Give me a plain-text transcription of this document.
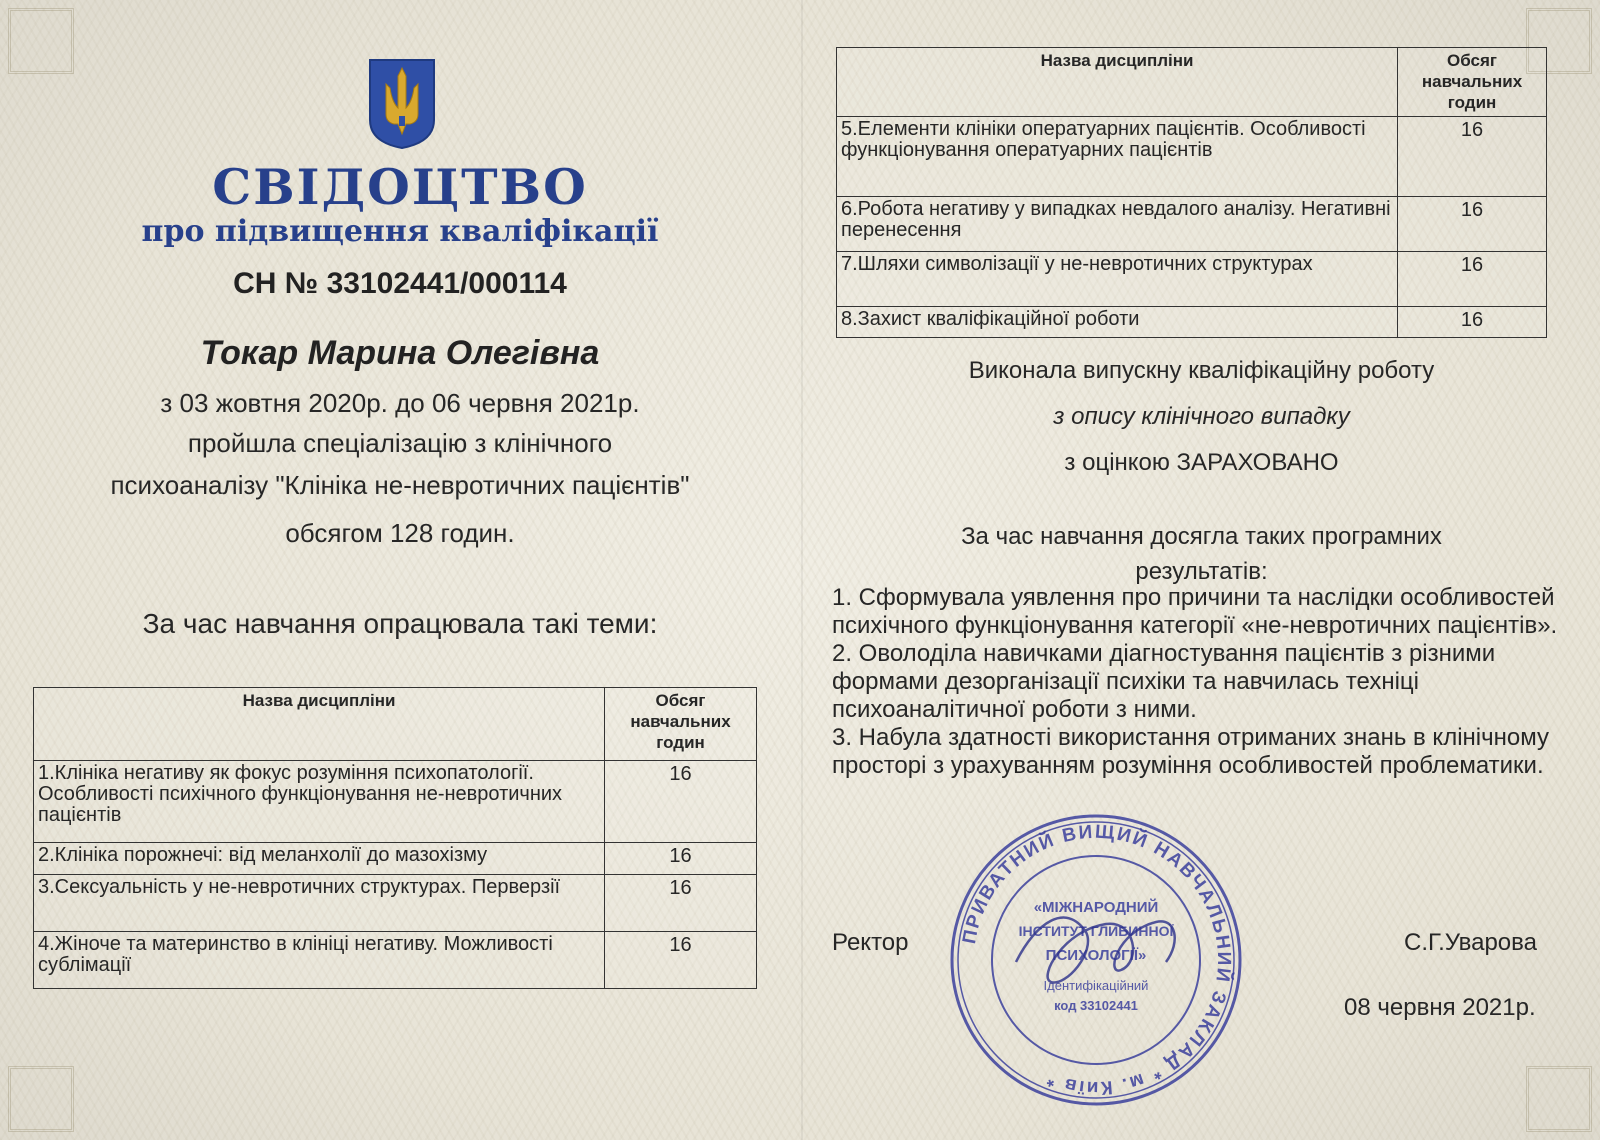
СВІДОЦТВО
про підвищення кваліфікації
СН № 33102441/000114
Токар Марина Олегівна
з 03 жовтня 2020р. до 06 червня 2021р.
пройшла спеціалізацію з клінічного
психоаналізу "Клініка не-невротичних пацієнтів"
обсягом 128 годин.
За час навчання опрацювала такі теми:
Назва дисципліни	Обсяг навчальних годин
1.Клініка негативу як фокус розуміння психопатології. Особливості психічного функціонування не-невротичних пацієнтів	16
2.Клініка порожнечі: від меланхолії до мазохізму	16
3.Сексуальність у не-невротичних структурах. Перверзії	16
4.Жіноче та материнство в клініці негативу. Можливості сублімації	16
Назва дисципліни	Обсяг навчальних годин
5.Елементи клініки оператуарних пацієнтів. Особливості функціонування оператуарних пацієнтів	16
6.Робота негативу у випадках невдалого аналізу. Негативні перенесення	16
7.Шляхи символізації у не-невротичних структурах	16
8.Захист кваліфікаційної роботи	16
Виконала випускну кваліфікаційну роботу
з опису клінічного випадку
з оцінкою ЗАРАХОВАНО
За час навчання досягла таких програмних
результатів:
1. Сформувала уявлення про причини та наслідки особливостей психічного функціонування категорії «не-невротичних пацієнтів».
2. Оволоділа навичками діагностування пацієнтів з різними формами дезорганізації психіки та навчилась техніці психоаналітичної роботи з ними.
3. Набула здатності використання отриманих знань в клінічному просторі з урахуванням розуміння особливостей проблематики.
Ректор	С.Г.Уварова
08 червня 2021р.
ПРИВАТНИЙ ВИЩИЙ НАВЧАЛЬНИЙ ЗАКЛАД * м. Київ *
«МІЖНАРОДНИЙ
ІНСТИТУТ ГЛИБИННОЇ
ПСИХОЛОГІЇ»
Ідентифікаційний
код 33102441
